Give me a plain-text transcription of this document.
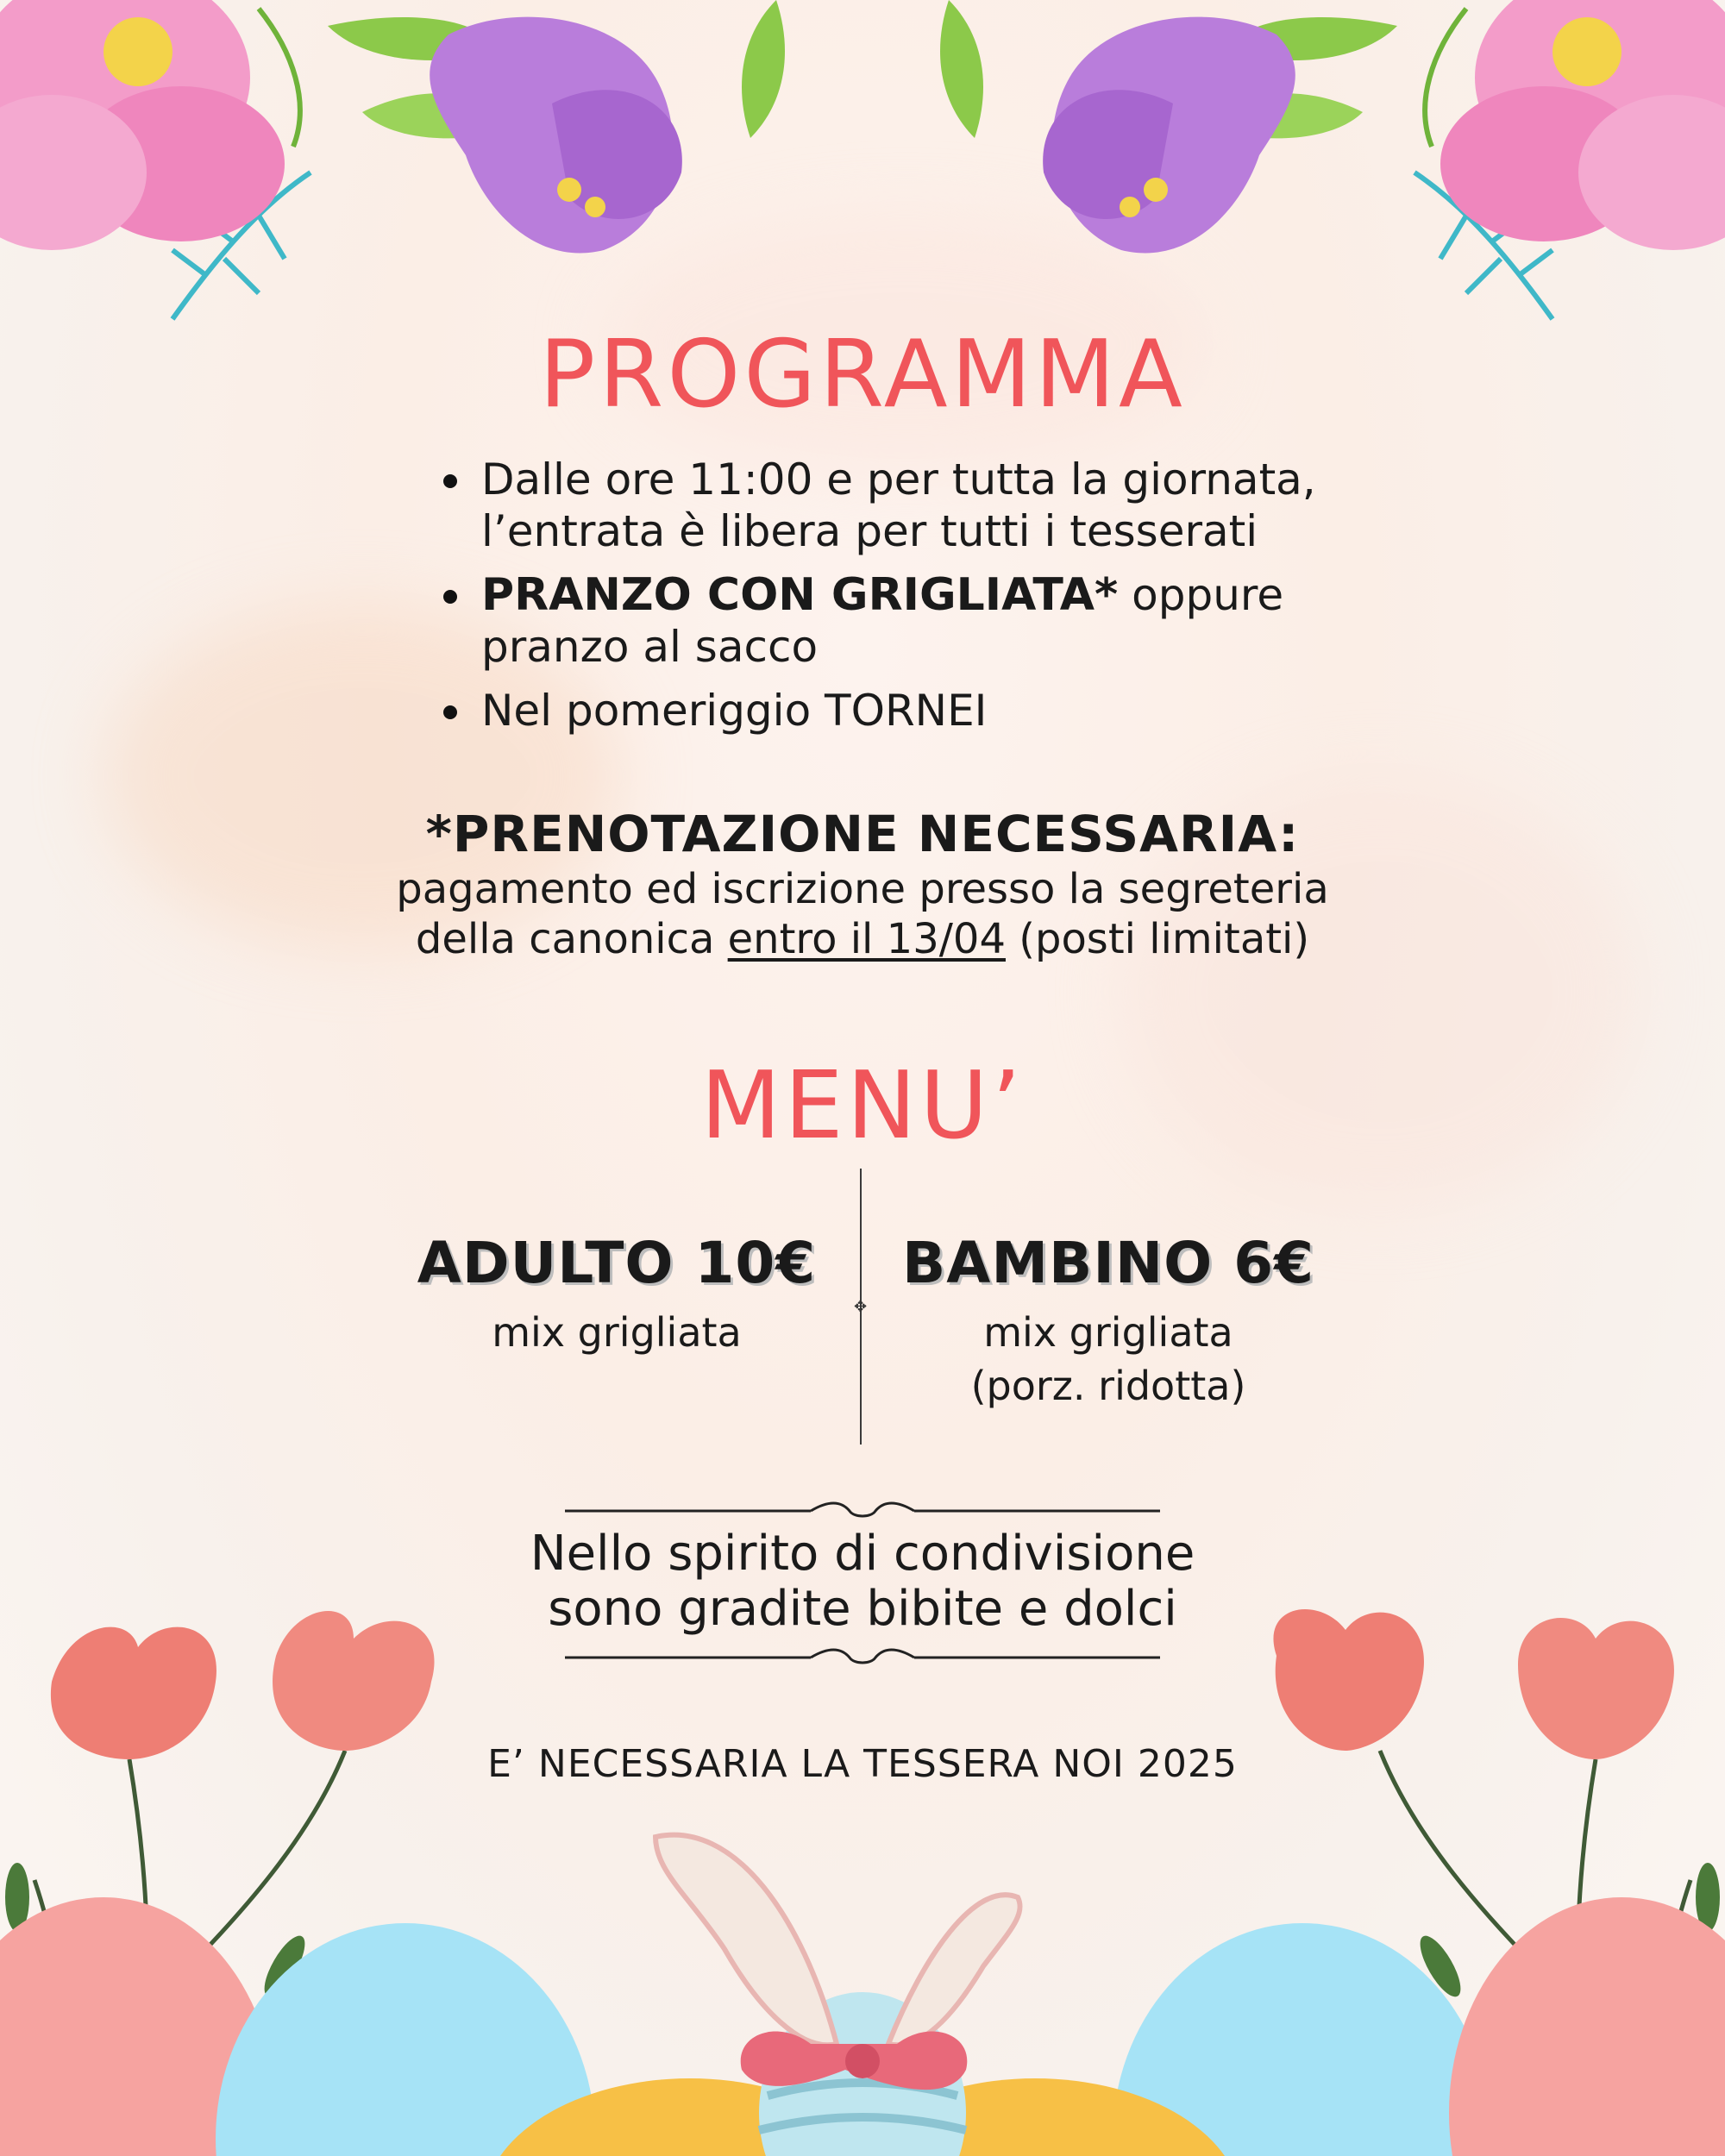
PROGRAMMA
Dalle ore 11:00 e per tutta la giornata,
l’entrata è libera per tutti i tesserati
PRANZO CON GRIGLIATA* oppure
pranzo al sacco
Nel pomeriggio TORNEI
*PRENOTAZIONE NECESSARIA:
pagamento ed iscrizione presso la segreteria
della canonica entro il 13/04 (posti limitati)
MENU’
✥
ADULTO 10€
mix grigliata
BAMBINO 6€
mix grigliata
(porz. ridotta)
Nello spirito di condivisione
sono gradite bibite e dolci
E’ NECESSARIA LA TESSERA NOI 2025
